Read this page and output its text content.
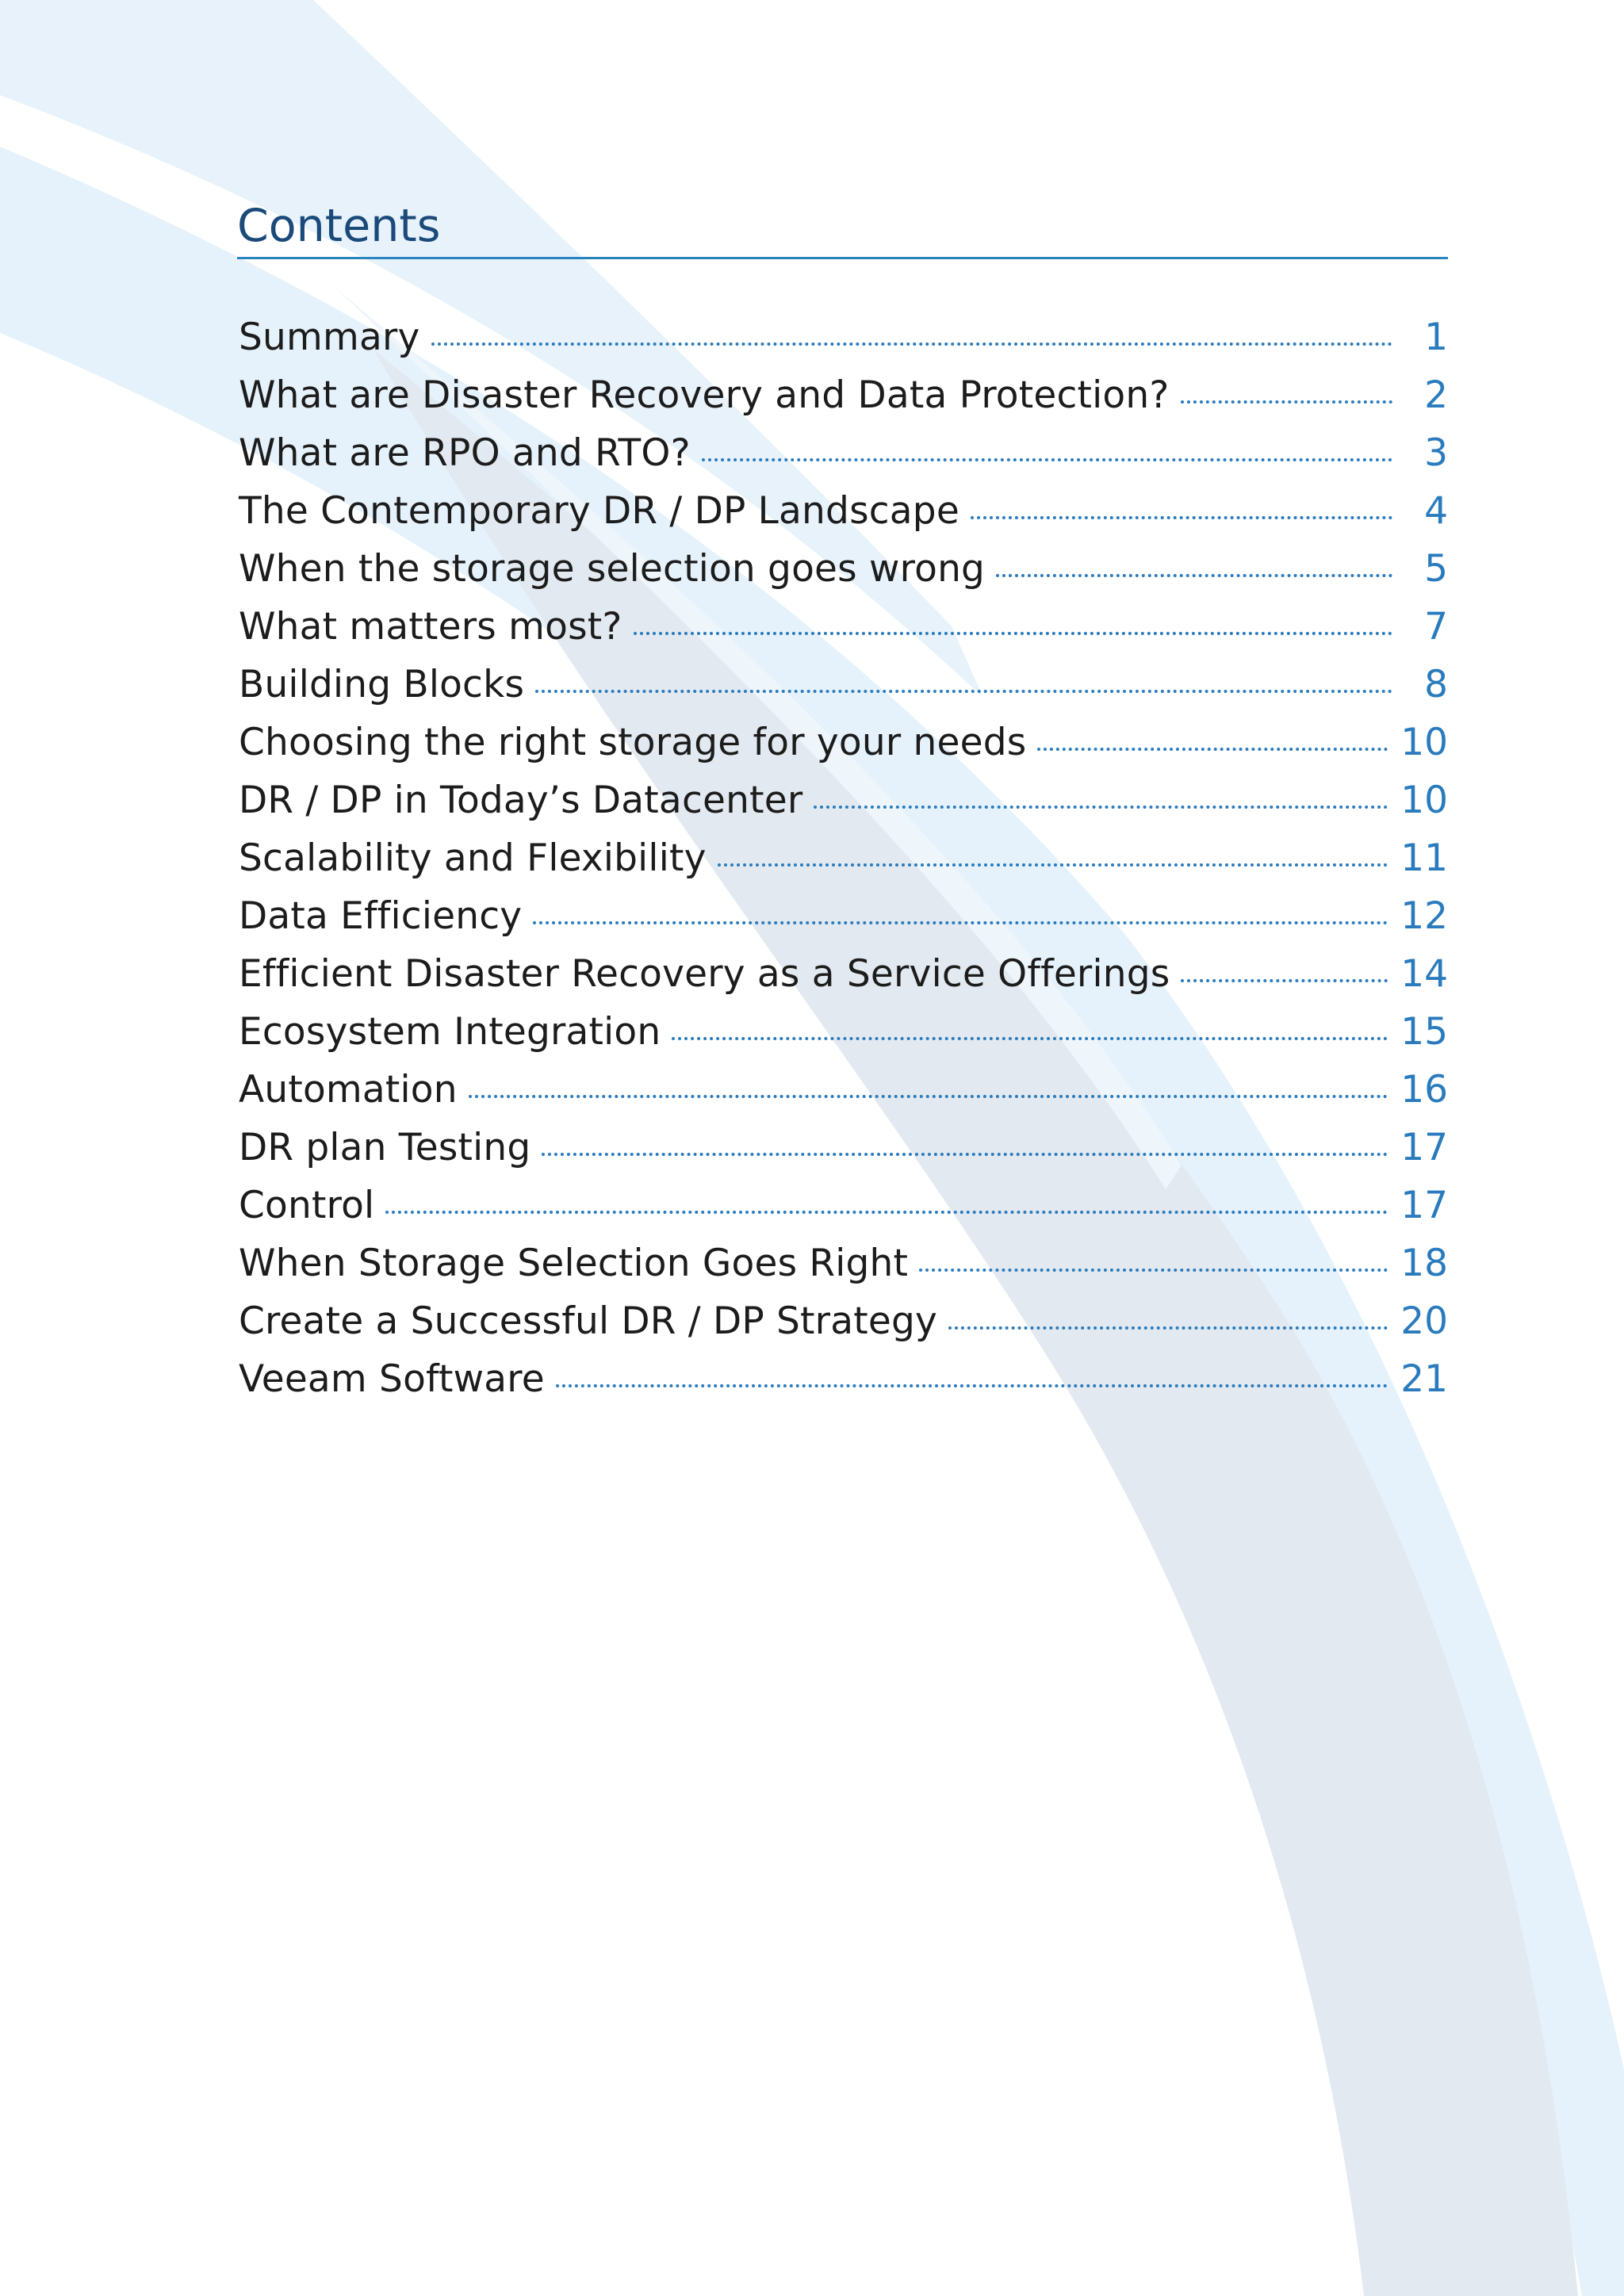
Contents
Summary	1
What are Disaster Recovery and Data Protection?	2
What are RPO and RTO?	3
The Contemporary DR / DP Landscape	4
When the storage selection goes wrong	5
What matters most?	7
Building Blocks	8
Choosing the right storage for your needs	10
DR / DP in Today’s Datacenter	10
Scalability and Flexibility	11
Data Efficiency	12
Efficient Disaster Recovery as a Service Offerings	14
Ecosystem Integration	15
Automation	16
DR plan Testing	17
Control	17
When Storage Selection Goes Right	18
Create a Successful DR / DP Strategy	20
Veeam Software	21
